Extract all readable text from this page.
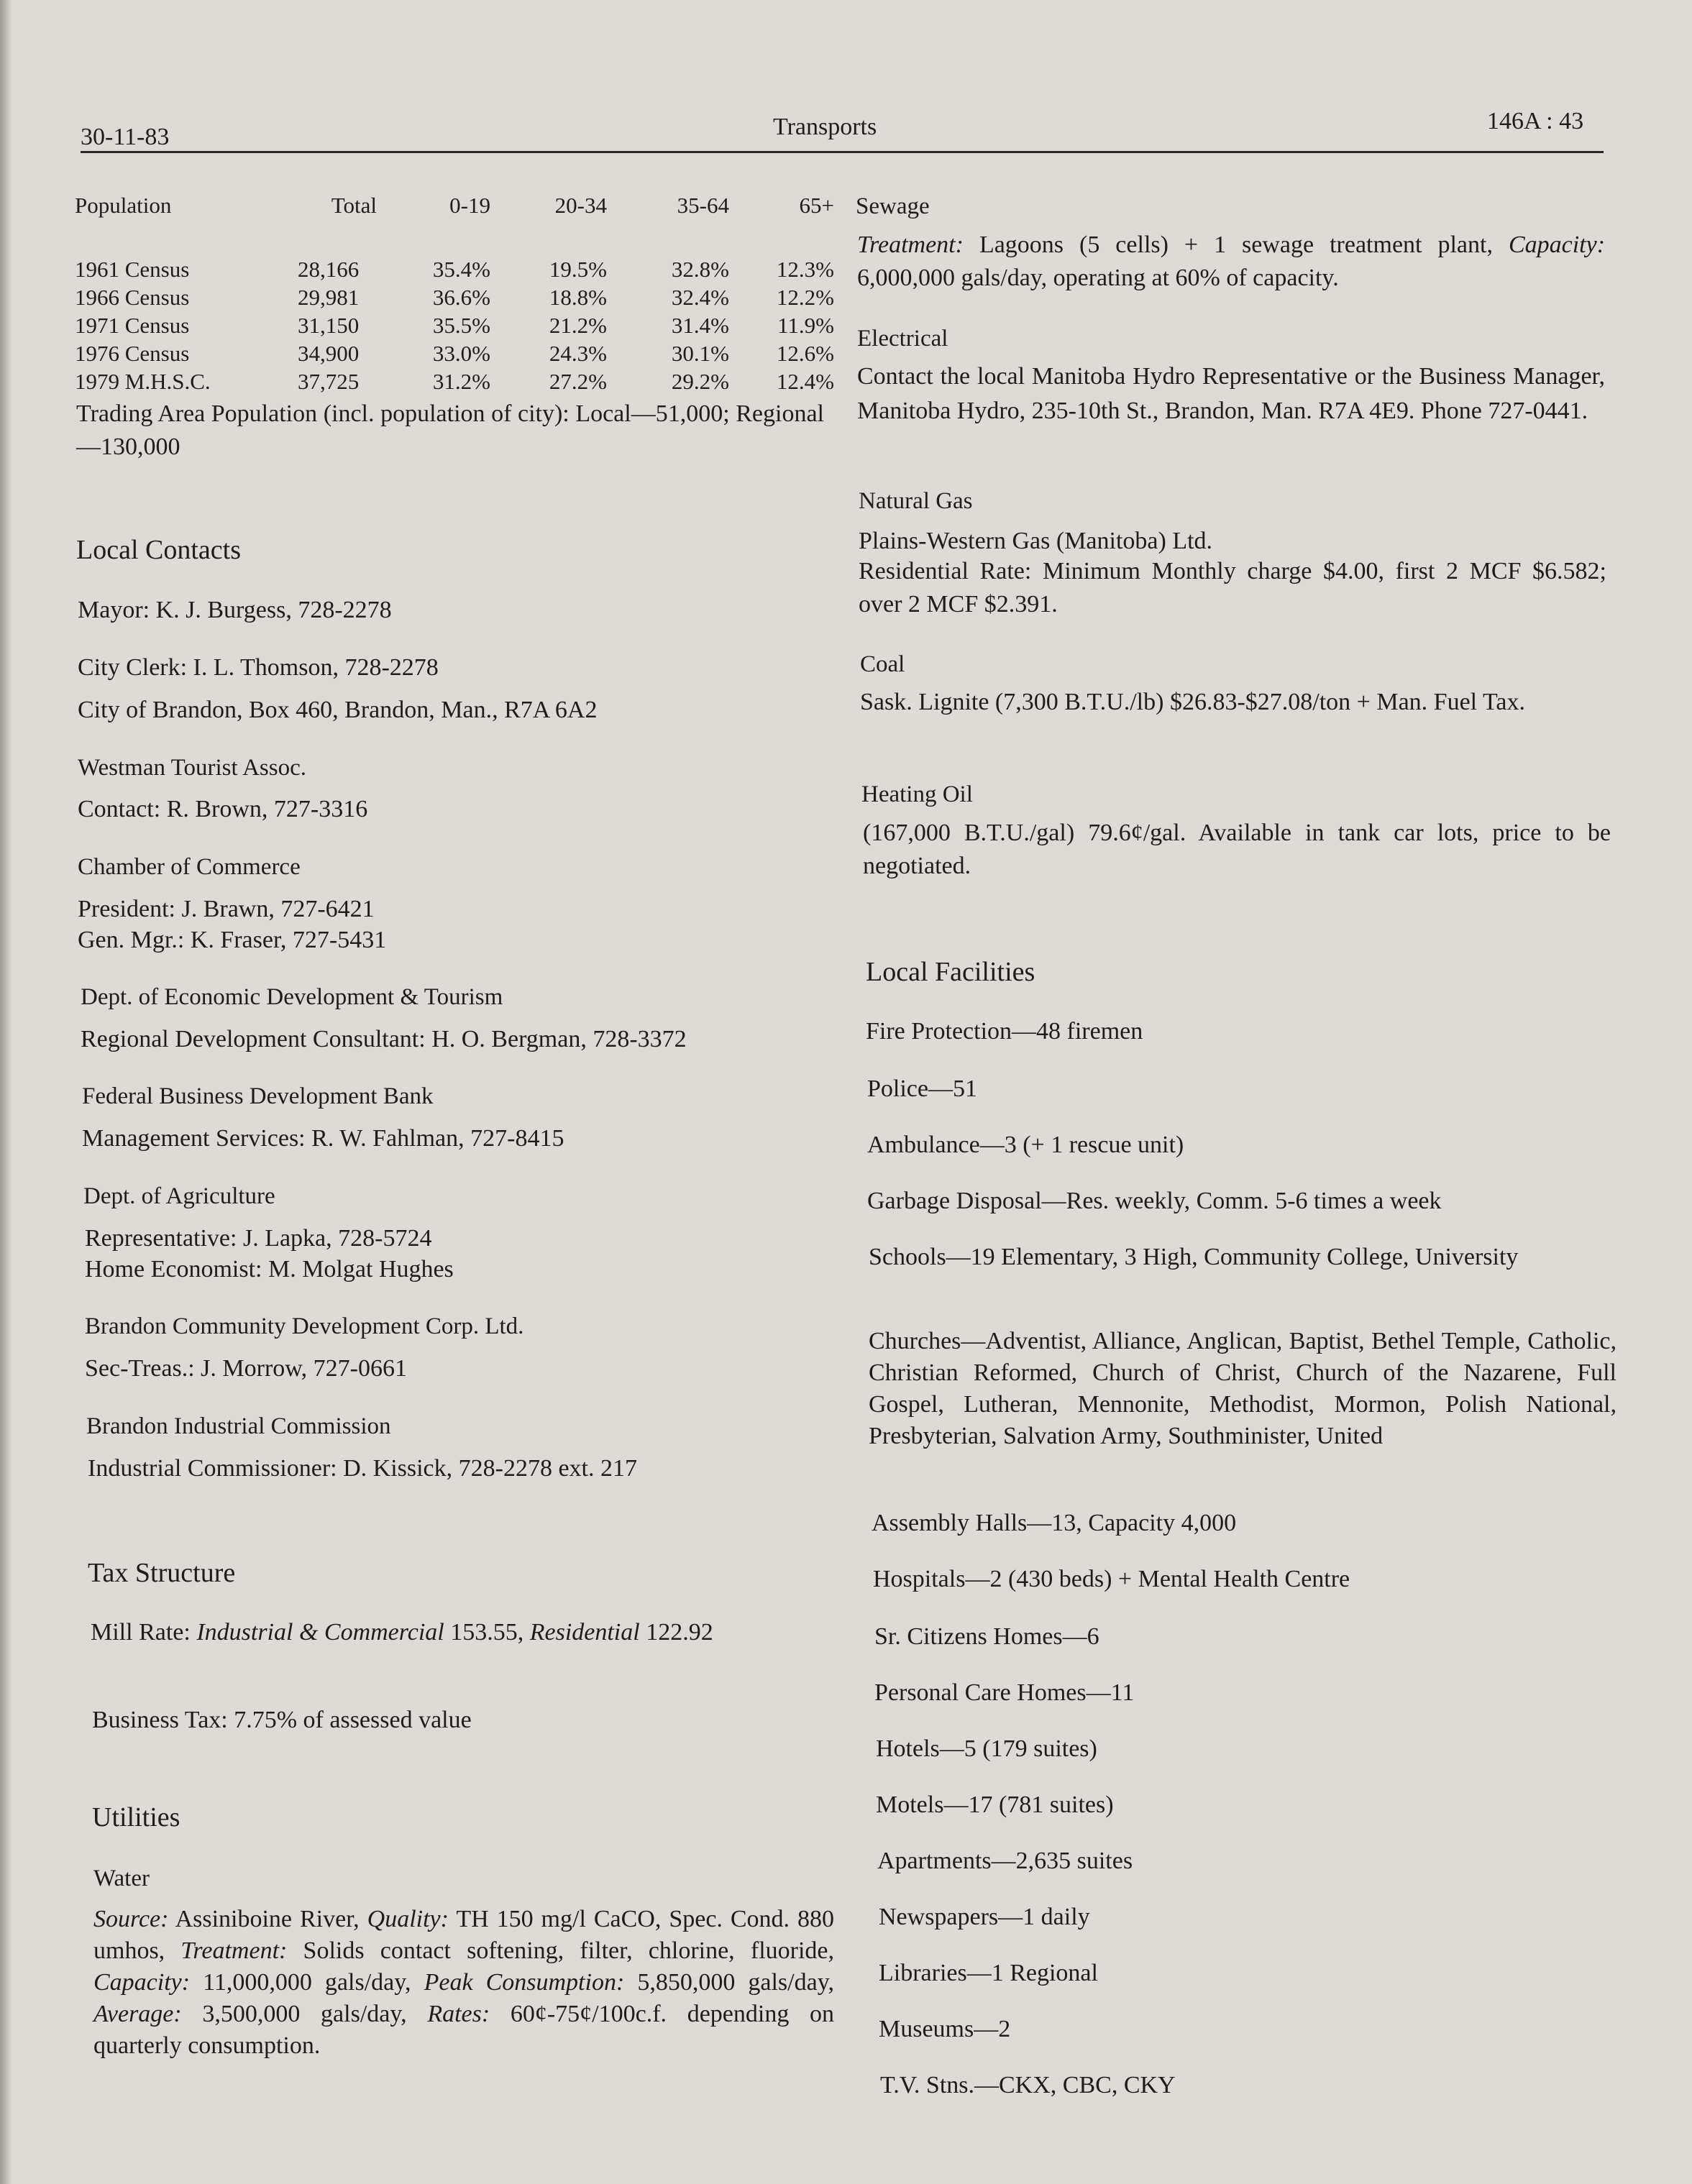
30-11-83	Transports	146A : 43
Population	Total	0-19	20-34	35-64	65+

1961 Census	28,166	35.4%	19.5%	32.8%	12.3%
1966 Census	29,981	36.6%	18.8%	32.4%	12.2%
1971 Census	31,150	35.5%	21.2%	31.4%	11.9%
1976 Census	34,900	33.0%	24.3%	30.1%	12.6%
1979 M.H.S.C.	37,725	31.2%	27.2%	29.2%	12.4%
Trading Area Population (incl. population of city): Local—51,000; Regional—130,000
Local Contacts
Mayor: K. J. Burgess, 728-2278
City Clerk: I. L. Thomson, 728-2278
City of Brandon, Box 460, Brandon, Man., R7A 6A2
Westman Tourist Assoc.
Contact: R. Brown, 727-3316
Chamber of Commerce
President: J. Brawn, 727-6421
Gen. Mgr.: K. Fraser, 727-5431
Dept. of Economic Development & Tourism
Regional Development Consultant: H. O. Bergman, 728-3372
Federal Business Development Bank
Management Services: R. W. Fahlman, 727-8415
Dept. of Agriculture
Representative: J. Lapka, 728-5724
Home Economist: M. Molgat Hughes
Brandon Community Development Corp. Ltd.
Sec-Treas.: J. Morrow, 727-0661
Brandon Industrial Commission
Industrial Commissioner: D. Kissick, 728-2278 ext. 217
Tax Structure
Mill Rate: Industrial & Commercial 153.55, Residential 122.92
Business Tax: 7.75% of assessed value
Utilities
Water
Source: Assiniboine River, Quality: TH 150 mg/l CaCO, Spec. Cond. 880 umhos, Treatment: Solids contact softening, filter, chlorine, fluoride, Capacity: 11,000,000 gals/day, Peak Consumption: 5,850,000 gals/day, Average: 3,500,000 gals/day, Rates: 60¢-75¢/100c.f. depending on quarterly consumption.
Sewage
Treatment: Lagoons (5 cells) + 1 sewage treatment plant, Capacity: 6,000,000 gals/day, operating at 60% of capacity.
Electrical
Contact the local Manitoba Hydro Representative or the Business Manager, Manitoba Hydro, 235-10th St., Brandon, Man. R7A 4E9. Phone 727-0441.
Natural Gas
Plains-Western Gas (Manitoba) Ltd.
Residential Rate: Minimum Monthly charge $4.00, first 2 MCF $6.582; over 2 MCF $2.391.
Coal
Sask. Lignite (7,300 B.T.U./lb) $26.83-$27.08/ton + Man. Fuel Tax.
Heating Oil
(167,000 B.T.U./gal) 79.6¢/gal. Available in tank car lots, price to be negotiated.
Local Facilities
Fire Protection—48 firemen
Police—51
Ambulance—3 (+ 1 rescue unit)
Garbage Disposal—Res. weekly, Comm. 5-6 times a week
Schools—19 Elementary, 3 High, Community College, University
Churches—Adventist, Alliance, Anglican, Baptist, Bethel Temple, Catholic, Christian Reformed, Church of Christ, Church of the Nazarene, Full Gospel, Lutheran, Mennonite, Methodist, Mormon, Polish National, Presbyterian, Salvation Army, Southminister, United
Assembly Halls—13, Capacity 4,000
Hospitals—2 (430 beds) + Mental Health Centre
Sr. Citizens Homes—6
Personal Care Homes—11
Hotels—5 (179 suites)
Motels—17 (781 suites)
Apartments—2,635 suites
Newspapers—1 daily
Libraries—1 Regional
Museums—2
T.V. Stns.—CKX, CBC, CKY
